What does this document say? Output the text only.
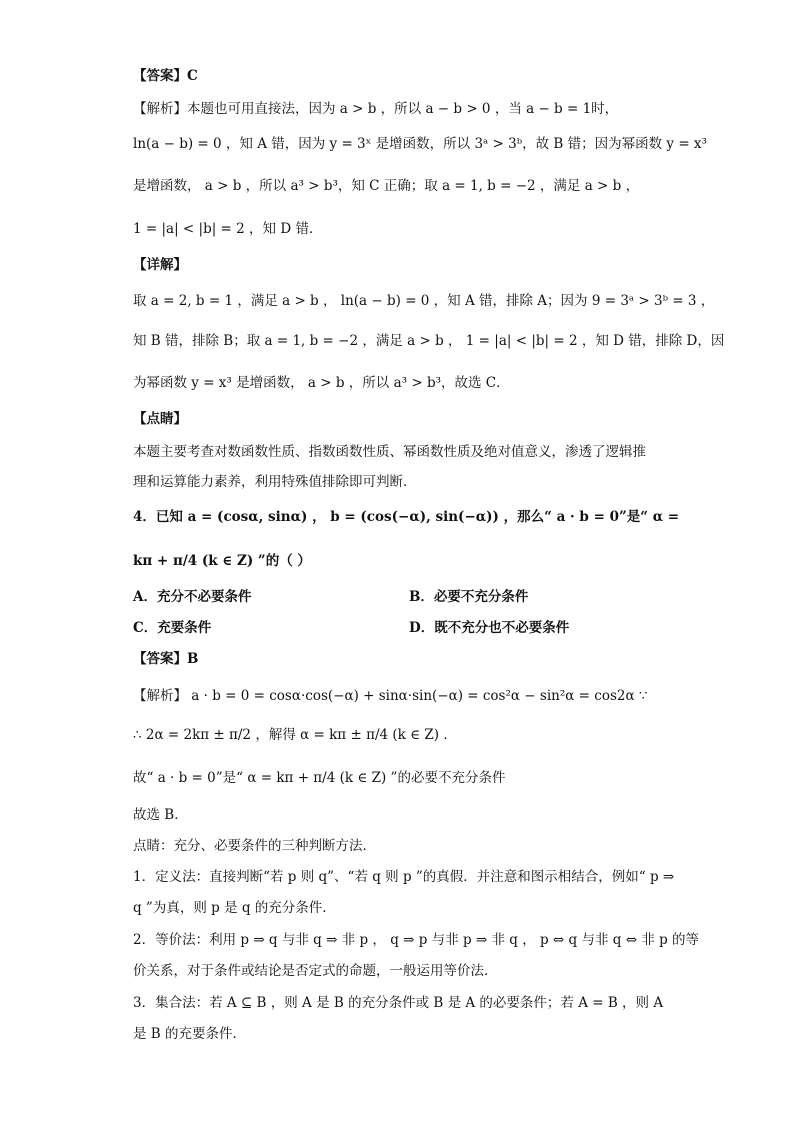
【答案】C
【解析】本题也可用直接法，因为 a > b ，所以 a − b > 0 ，当 a − b = 1时，
ln(a − b) = 0 ，知 A 错，因为 y = 3ˣ 是增函数，所以 3ᵃ > 3ᵇ，故 B 错；因为幂函数 y = x³
是增函数， a > b ，所以 a³ > b³，知 C 正确；取 a = 1, b = −2 ，满足 a > b ，
1 = |a| < |b| = 2 ，知 D 错．
【详解】
取 a = 2, b = 1 ，满足 a > b ， ln(a − b) = 0 ，知 A 错，排除 A；因为 9 = 3ᵃ > 3ᵇ = 3 ，
知 B 错，排除 B；取 a = 1, b = −2 ，满足 a > b ， 1 = |a| < |b| = 2 ，知 D 错，排除 D，因
为幂函数 y = x³ 是增函数， a > b ，所以 a³ > b³，故选 C．
【点睛】
本题主要考查对数函数性质、指数函数性质、幂函数性质及绝对值意义，渗透了逻辑推
理和运算能力素养，利用特殊值排除即可判断．
4．已知 a = (cosα, sinα) ， b = (cos(−α), sin(−α)) ，那么“ a · b = 0”是“ α =
kπ + π/4 (k ∈ Z) ”的（ ）
A．充分不必要条件	B．必要不充分条件
C．充要条件	D．既不充分也不必要条件
【答案】B
【解析】 a · b = 0 = cosα·cos(−α) + sinα·sin(−α) = cos²α − sin²α = cos2α ∵
∴ 2α = 2kπ ± π/2 ，解得 α = kπ ± π/4 (k ∈ Z) ．
故“ a · b = 0”是“ α = kπ + π/4 (k ∈ Z) ”的必要不充分条件
故选 B．
点睛：充分、必要条件的三种判断方法．
1．定义法：直接判断“若 p 则 q”、“若 q 则 p ”的真假．并注意和图示相结合，例如“ p ⇒
q ”为真，则 p 是 q 的充分条件．
2．等价法：利用 p ⇒ q 与非 q ⇒ 非 p ， q ⇒ p 与非 p ⇒ 非 q ， p ⇔ q 与非 q ⇔ 非 p 的等
价关系，对于条件或结论是否定式的命题，一般运用等价法．
3．集合法：若 A ⊆ B ，则 A 是 B 的充分条件或 B 是 A 的必要条件；若 A = B ，则 A
是 B 的充要条件．
